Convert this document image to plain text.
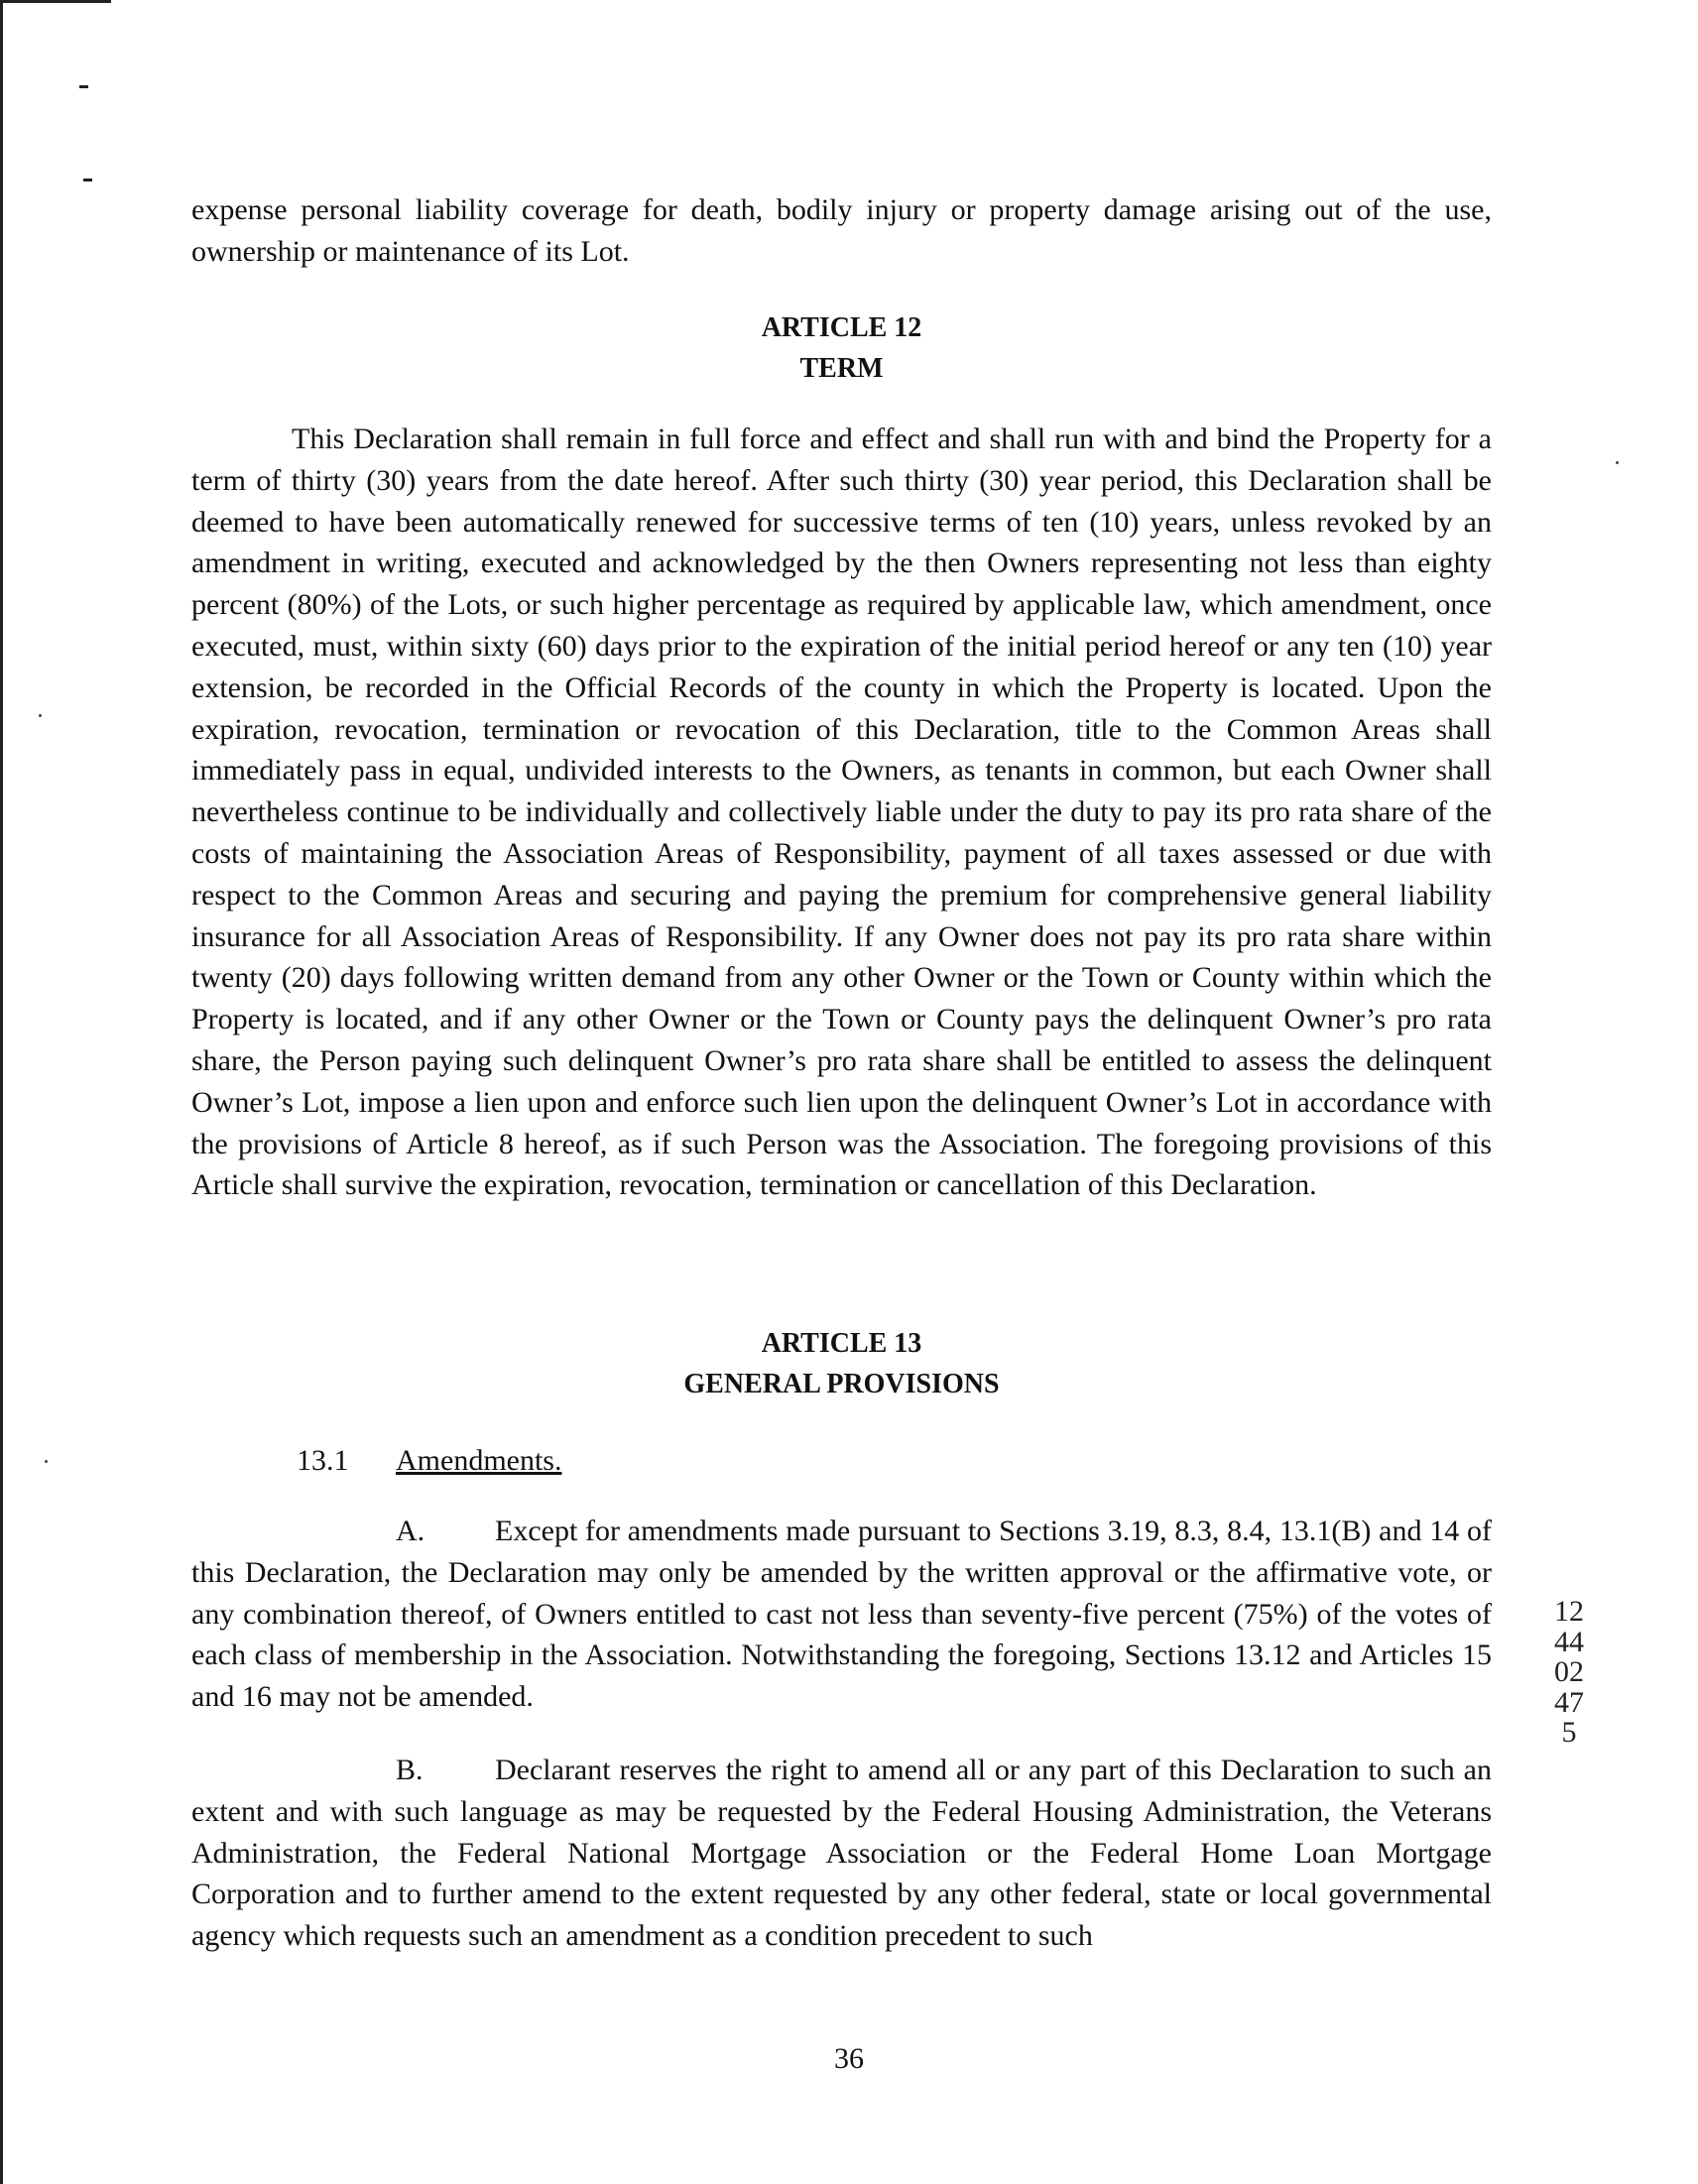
expense personal liability coverage for death, bodily injury or property damage arising out of the use, ownership or maintenance of its Lot.

ARTICLE 12
TERM

This Declaration shall remain in full force and effect and shall run with and bind the Property for a term of thirty (30) years from the date hereof. After such thirty (30) year period, this Declaration shall be deemed to have been automatically renewed for successive terms of ten (10) years, unless revoked by an amendment in writing, executed and acknowledged by the then Owners representing not less than eighty percent (80%) of the Lots, or such higher percentage as required by applicable law, which amendment, once executed, must, within sixty (60) days prior to the expiration of the initial period hereof or any ten (10) year extension, be recorded in the Official Records of the county in which the Property is located. Upon the expiration, revocation, termination or revocation of this Declaration, title to the Common Areas shall immediately pass in equal, undivided interests to the Owners, as tenants in common, but each Owner shall nevertheless continue to be individually and collectively liable under the duty to pay its pro rata share of the costs of maintaining the Association Areas of Responsibility, payment of all taxes assessed or due with respect to the Common Areas and securing and paying the premium for comprehensive general liability insurance for all Association Areas of Responsibility. If any Owner does not pay its pro rata share within twenty (20) days following written demand from any other Owner or the Town or County within which the Property is located, and if any other Owner or the Town or County pays the delinquent Owner’s pro rata share, the Person paying such delinquent Owner’s pro rata share shall be entitled to assess the delinquent Owner’s Lot, impose a lien upon and enforce such lien upon the delinquent Owner’s Lot in accordance with the provisions of Article 8 hereof, as if such Person was the Association. The foregoing provisions of this Article shall survive the expiration, revocation, termination or cancellation of this Declaration.

ARTICLE 13
GENERAL PROVISIONS
13.1 Amendments.

A. Except for amendments made pursuant to Sections 3.19, 8.3, 8.4, 13.1(B) and 14 of this Declaration, the Declaration may only be amended by the written approval or the affirmative vote, or any combination thereof, of Owners entitled to cast not less than seventy-five percent (75%) of the votes of each class of membership in the Association. Notwithstanding the foregoing, Sections 13.12 and Articles 15 and 16 may not be amended.

B. Declarant reserves the right to amend all or any part of this Declaration to such an extent and with such language as may be requested by the Federal Housing Administration, the Veterans Administration, the Federal National Mortgage Association or the Federal Home Loan Mortgage Corporation and to further amend to the extent requested by any other federal, state or local governmental agency which requests such an amendment as a condition precedent to such

36
1244 02475
